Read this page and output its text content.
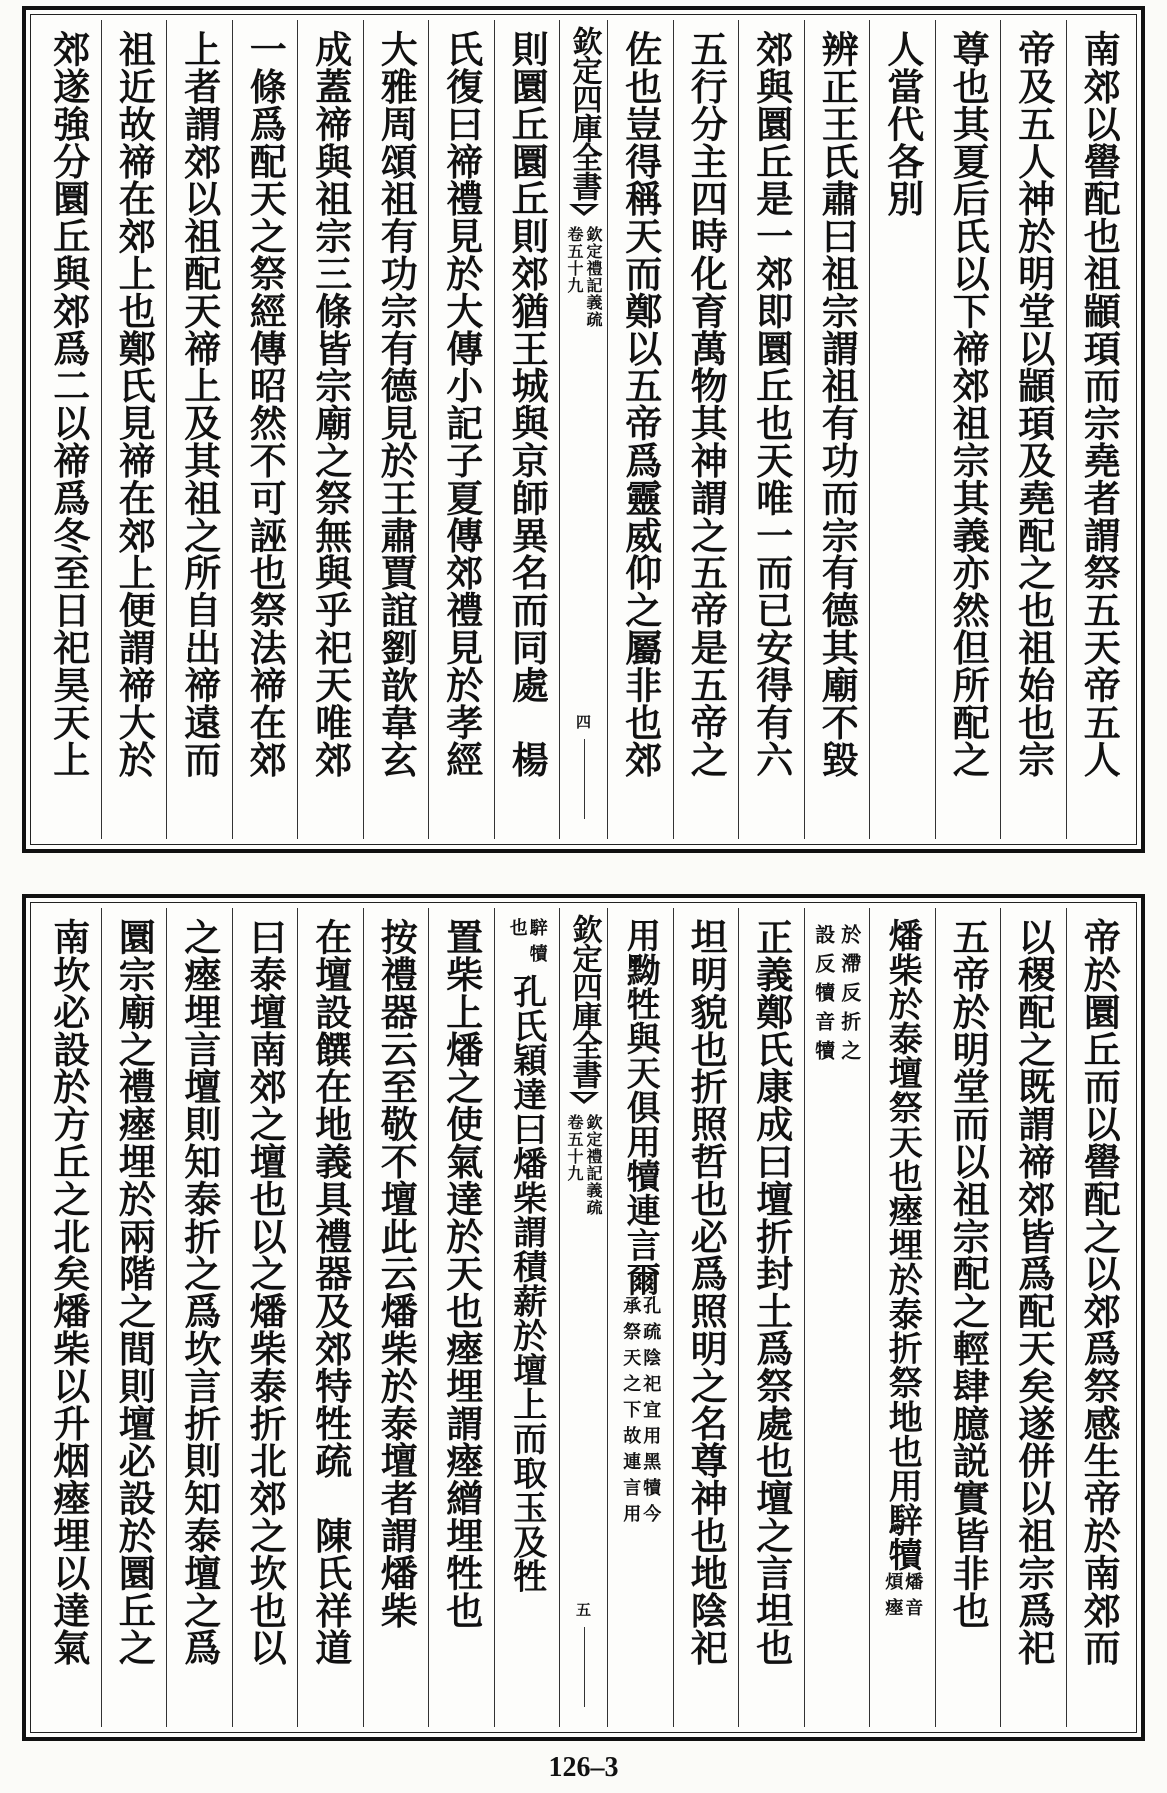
南郊以嚳配也祖顓頊而宗堯者謂祭五天帝五人
帝及五人神於明堂以顓頊及堯配之也祖始也宗
尊也其夏后氏以下禘郊祖宗其義亦然但所配之
人當代各別
辨正王氏肅曰祖宗謂祖有功而宗有德其廟不毀
郊與圜丘是一郊即圜丘也天唯一而已安得有六
五行分主四時化育萬物其神謂之五帝是五帝之
佐也豈得稱天而鄭以五帝爲靈威仰之屬非也郊
欽定四庫全書
欽定禮記義疏
卷五十九
四
則圜丘圜丘則郊猶王城與京師異名而同處　楊
氏復曰禘禮見於大傳小記子夏傳郊禮見於孝經
大雅周頌祖有功宗有德見於王肅賈誼劉歆韋玄
成蓋禘與祖宗三條皆宗廟之祭無與乎祀天唯郊
一條爲配天之祭經傳昭然不可誣也祭法禘在郊
上者謂郊以祖配天禘上及其祖之所自出禘遠而
祖近故禘在郊上也鄭氏見禘在郊上便謂禘大於
郊遂強分圜丘與郊爲二以禘爲冬至日祀昊天上
帝於圜丘而以嚳配之以郊爲祭感生帝於南郊而
以稷配之既謂禘郊皆爲配天矣遂併以祖宗爲祀
五帝於明堂而以祖宗配之輕肆臆説實皆非也
燔柴於泰壇祭天也瘞埋於泰折祭地也用騂犢
燔音
煩瘞
於滯反折之
設反犢音犢
正義鄭氏康成曰壇折封土爲祭處也壇之言坦也
坦明貌也折照哲也必爲照明之名尊神也地陰祀
用黝牲與天俱用犢連言爾
孔疏陰祀宜用黑犢今
承祭天之下故連言用
欽定四庫全書
欽定禮記義疏
卷五十九
五
騂犢
也
孔氏穎達曰燔柴謂積薪於壇上而取玉及牲
置柴上燔之使氣達於天也瘞埋謂瘞繒埋牲也
按禮器云至敬不壇此云燔柴於泰壇者謂燔柴
在壇設饌在地義具禮器及郊特牲疏　陳氏祥道
曰泰壇南郊之壇也以之燔柴泰折北郊之坎也以
之瘞埋言壇則知泰折之爲坎言折則知泰壇之爲
圜宗廟之禮瘞埋於兩階之間則壇必設於圜丘之
南坎必設於方丘之北矣燔柴以升烟瘞埋以達氣
126–3
